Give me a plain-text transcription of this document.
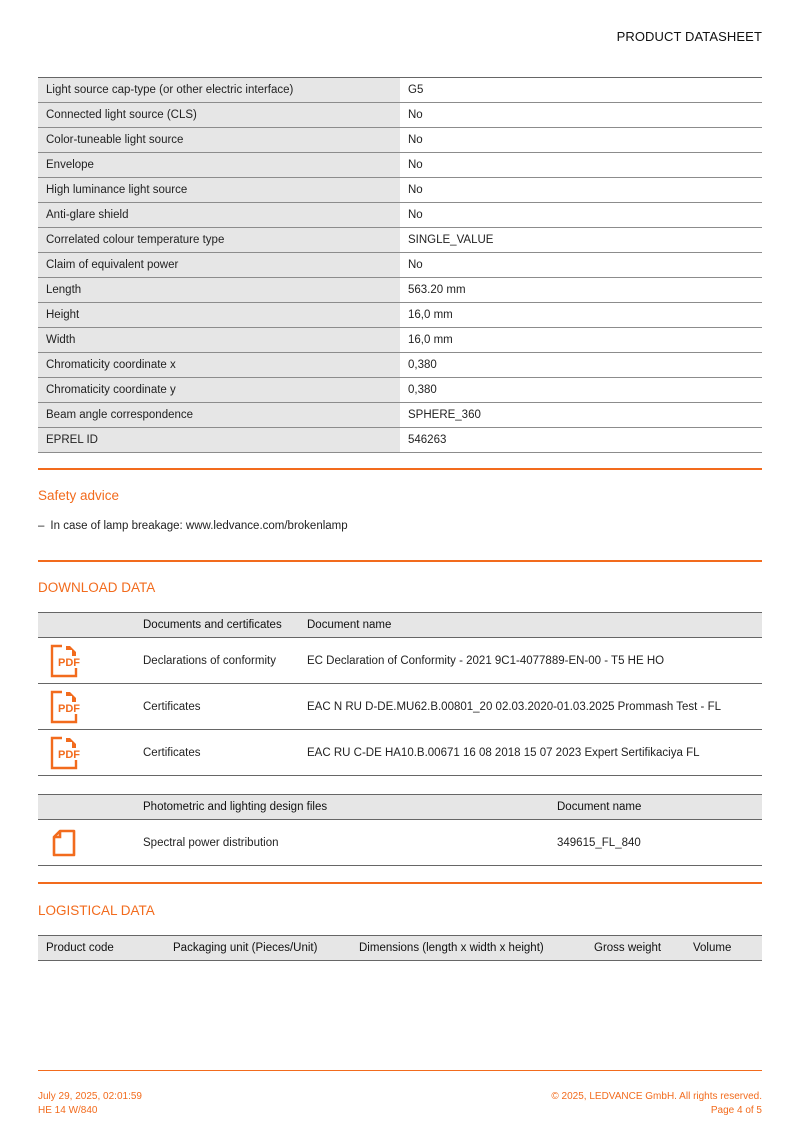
PRODUCT DATASHEET
Light source cap-type (or other electric interface)	G5
Connected light source (CLS)	No
Color-tuneable light source	No
Envelope	No
High luminance light source	No
Anti-glare shield	No
Correlated colour temperature type	SINGLE_VALUE
Claim of equivalent power	No
Length	563.20 mm
Height	16,0 mm
Width	16,0 mm
Chromaticity coordinate x	0,380
Chromaticity coordinate y	0,380
Beam angle correspondence	SPHERE_360
EPREL ID	546263
Safety advice
– In case of lamp breakage: www.ledvance.com/brokenlamp
DOWNLOAD DATA
	Documents and certificates	Document name

PDF	Declarations of conformity	EC Declaration of Conformity - 2021 9C1-4077889-EN-00 - T5 HE HO

PDF	Certificates	EAC N RU D-DE.MU62.B.00801_20 02.03.2020-01.03.2025 Prommash Test - FL

PDF	Certificates	EAC RU C-DE HA10.B.00671 16 08 2018 15 07 2023 Expert Sertifikaciya FL
	Photometric and lighting design files	Document name

	Spectral power distribution	349615_FL_840
LOGISTICAL DATA
Product code	Packaging unit (Pieces/Unit)	Dimensions (length x width x height)	Gross weight	Volume
July 29, 2025, 02:01:59
HE 14 W/840
© 2025, LEDVANCE GmbH. All rights reserved.
Page 4 of 5
